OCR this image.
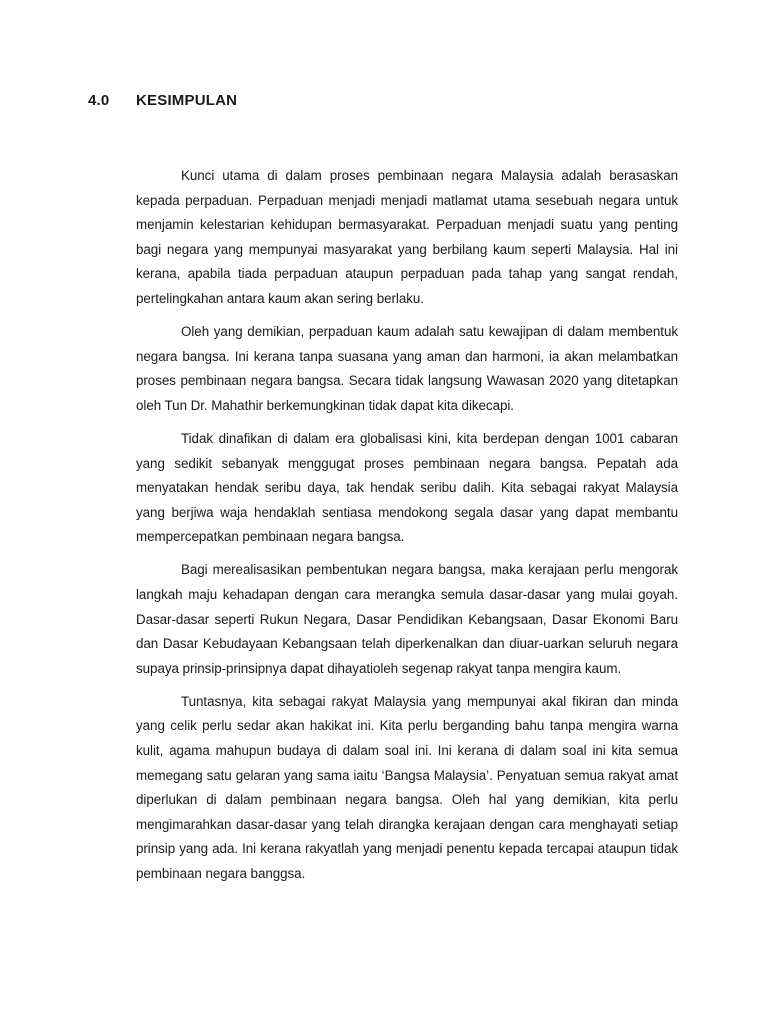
4.0 KESIMPULAN

Kunci utama di dalam proses pembinaan negara Malaysia adalah berasaskan kepada perpaduan. Perpaduan menjadi menjadi matlamat utama sesebuah negara untuk menjamin kelestarian kehidupan bermasyarakat. Perpaduan menjadi suatu yang penting bagi negara yang mempunyai masyarakat yang berbilang kaum seperti Malaysia. Hal ini kerana, apabila tiada perpaduan ataupun perpaduan pada tahap yang sangat rendah, pertelingkahan antara kaum akan sering berlaku.

Oleh yang demikian, perpaduan kaum adalah satu kewajipan di dalam membentuk negara bangsa. Ini kerana tanpa suasana yang aman dan harmoni, ia akan melambatkan proses pembinaan negara bangsa. Secara tidak langsung Wawasan 2020 yang ditetapkan oleh Tun Dr. Mahathir berkemungkinan tidak dapat kita dikecapi.

Tidak dinafikan di dalam era globalisasi kini, kita berdepan dengan 1001 cabaran yang sedikit sebanyak menggugat proses pembinaan negara bangsa. Pepatah ada menyatakan hendak seribu daya, tak hendak seribu dalih. Kita sebagai rakyat Malaysia yang berjiwa waja hendaklah sentiasa mendokong segala dasar yang dapat membantu mempercepatkan pembinaan negara bangsa.

Bagi merealisasikan pembentukan negara bangsa, maka kerajaan perlu mengorak langkah maju kehadapan dengan cara merangka semula dasar-dasar yang mulai goyah. Dasar-dasar seperti Rukun Negara, Dasar Pendidikan Kebangsaan, Dasar Ekonomi Baru dan Dasar Kebudayaan Kebangsaan telah diperkenalkan dan diuar-uarkan seluruh negara supaya prinsip-prinsipnya dapat dihayatioleh segenap rakyat tanpa mengira kaum.

Tuntasnya, kita sebagai rakyat Malaysia yang mempunyai akal fikiran dan minda yang celik perlu sedar akan hakikat ini. Kita perlu berganding bahu tanpa mengira warna kulit, agama mahupun budaya di dalam soal ini. Ini kerana di dalam soal ini kita semua memegang satu gelaran yang sama iaitu ‘Bangsa Malaysia’. Penyatuan semua rakyat amat diperlukan di dalam pembinaan negara bangsa. Oleh hal yang demikian, kita perlu mengimarahkan dasar-dasar yang telah dirangka kerajaan dengan cara menghayati setiap prinsip yang ada. Ini kerana rakyatlah yang menjadi penentu kepada tercapai ataupun tidak pembinaan negara banggsa.
